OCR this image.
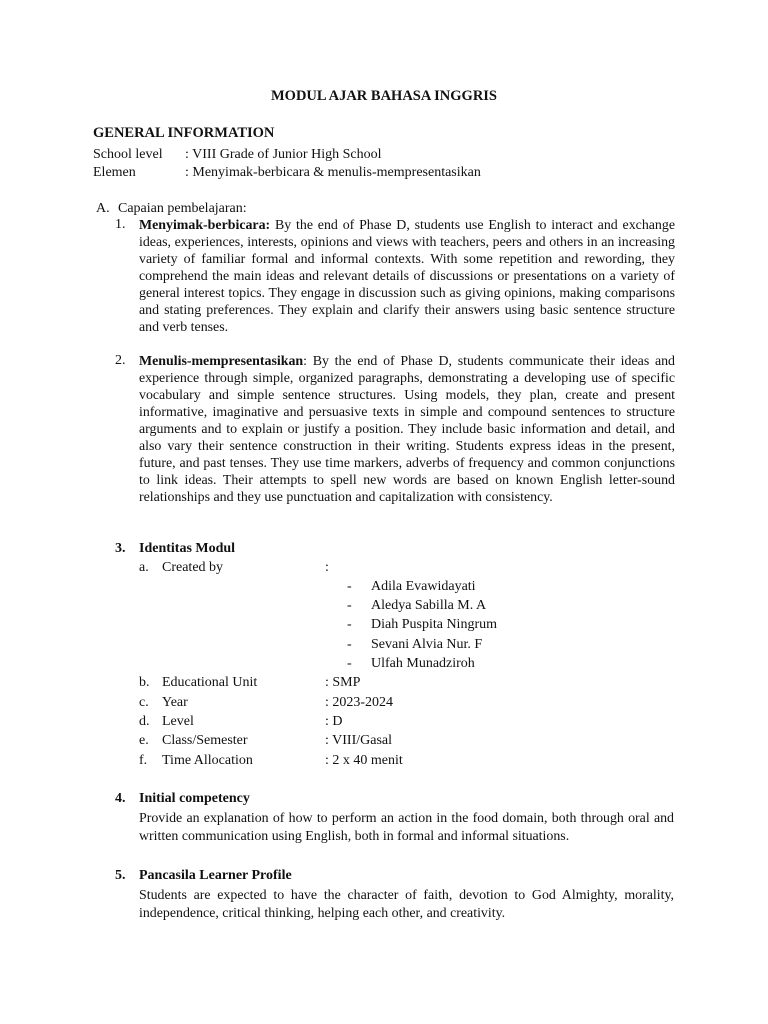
MODUL AJAR BAHASA INGGRIS
GENERAL INFORMATION
School level : VIII Grade of Junior High School
Elemen	: Menyimak-berbicara & menulis-mempresentasikan
A. Capaian pembelajaran:
1. Menyimak-berbicara: By the end of Phase D, students use English to interact and exchange ideas, experiences, interests, opinions and views with teachers, peers and others in an increasing variety of familiar formal and informal contexts. With some repetition and rewording, they comprehend the main ideas and relevant details of discussions or presentations on a variety of general interest topics. They engage in discussion such as giving opinions, making comparisons and stating preferences. They explain and clarify their answers using basic sentence structure and verb tenses.
2. Menulis-mempresentasikan: By the end of Phase D, students communicate their ideas and experience through simple, organized paragraphs, demonstrating a developing use of specific vocabulary and simple sentence structures. Using models, they plan, create and present informative, imaginative and persuasive texts in simple and compound sentences to structure arguments and to explain or justify a position. They include basic information and detail, and also vary their sentence construction in their writing. Students express ideas in the present, future, and past tenses. They use time markers, adverbs of frequency and common conjunctions to link ideas. Their attempts to spell new words are based on known English letter-sound relationships and they use punctuation and capitalization with consistency.
3. Identitas Modul
a. Created by	:
- Adila Evawidayati
- Aledya Sabilla M. A
- Diah Puspita Ningrum
- Sevani Alvia Nur. F
- Ulfah Munadziroh
b. Educational Unit	: SMP
c. Year	: 2023-2024
d. Level	: D
e. Class/Semester	: VIII/Gasal
f. Time Allocation	: 2 x 40 menit
4. Initial competency
Provide an explanation of how to perform an action in the food domain, both through oral and written communication using English, both in formal and informal situations.
5. Pancasila Learner Profile
Students are expected to have the character of faith, devotion to God Almighty, morality, independence, critical thinking, helping each other, and creativity.
